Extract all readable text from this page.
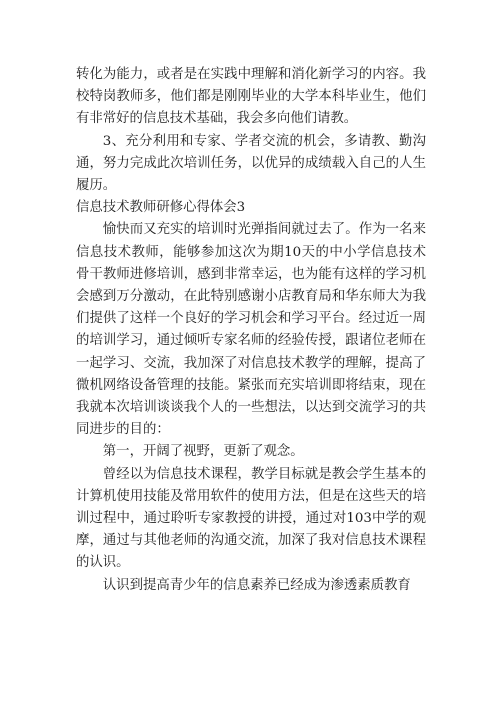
转化为能力，或者是在实践中理解和消化新学习的内容。我校特岗教师多，他们都是刚刚毕业的大学本科毕业生，他们有非常好的信息技术基础，我会多向他们请教。

3、充分利用和专家、学者交流的机会，多请教、勤沟通，努力完成此次培训任务，以优异的成绩载入自己的人生履历。

信息技术教师研修心得体会3

愉快而又充实的培训时光弹指间就过去了。作为一名来信息技术教师，能够参加这次为期10天的中小学信息技术骨干教师进修培训，感到非常幸运，也为能有这样的学习机会感到万分激动，在此特别感谢小店教育局和华东师大为我们提供了这样一个良好的学习机会和学习平台。经过近一周的培训学习，通过倾听专家名师的经验传授，跟诸位老师在一起学习、交流，我加深了对信息技术教学的理解，提高了微机网络设备管理的技能。紧张而充实培训即将结束，现在我就本次培训谈谈我个人的一些想法，以达到交流学习的共同进步的目的：

第一，开阔了视野，更新了观念。

曾经以为信息技术课程，教学目标就是教会学生基本的计算机使用技能及常用软件的使用方法，但是在这些天的培训过程中，通过聆听专家教授的讲授，通过对103中学的观摩，通过与其他老师的沟通交流，加深了我对信息技术课程的认识。

认识到提高青少年的信息素养已经成为渗透素质教育
